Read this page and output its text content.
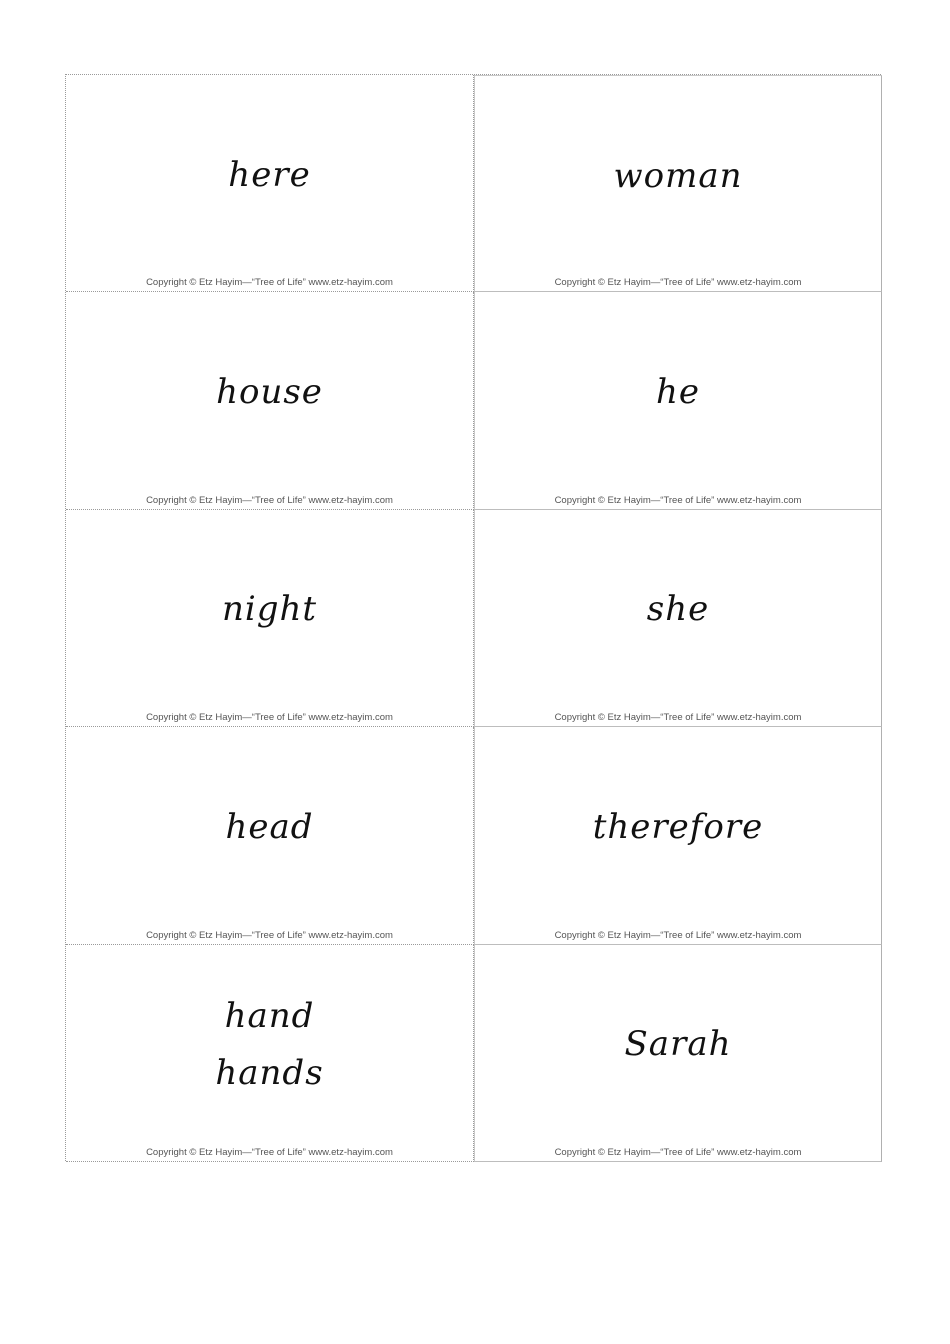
here
Copyright © Etz Hayim—“Tree of Life” www.etz-hayim.com
woman
Copyright © Etz Hayim—“Tree of Life” www.etz-hayim.com
house
Copyright © Etz Hayim—“Tree of Life” www.etz-hayim.com
he
Copyright © Etz Hayim—“Tree of Life” www.etz-hayim.com
night
Copyright © Etz Hayim—“Tree of Life” www.etz-hayim.com
she
Copyright © Etz Hayim—“Tree of Life” www.etz-hayim.com
head
Copyright © Etz Hayim—“Tree of Life” www.etz-hayim.com
therefore
Copyright © Etz Hayim—“Tree of Life” www.etz-hayim.com
hand
hands
Copyright © Etz Hayim—“Tree of Life” www.etz-hayim.com
Sarah
Copyright © Etz Hayim—“Tree of Life” www.etz-hayim.com
